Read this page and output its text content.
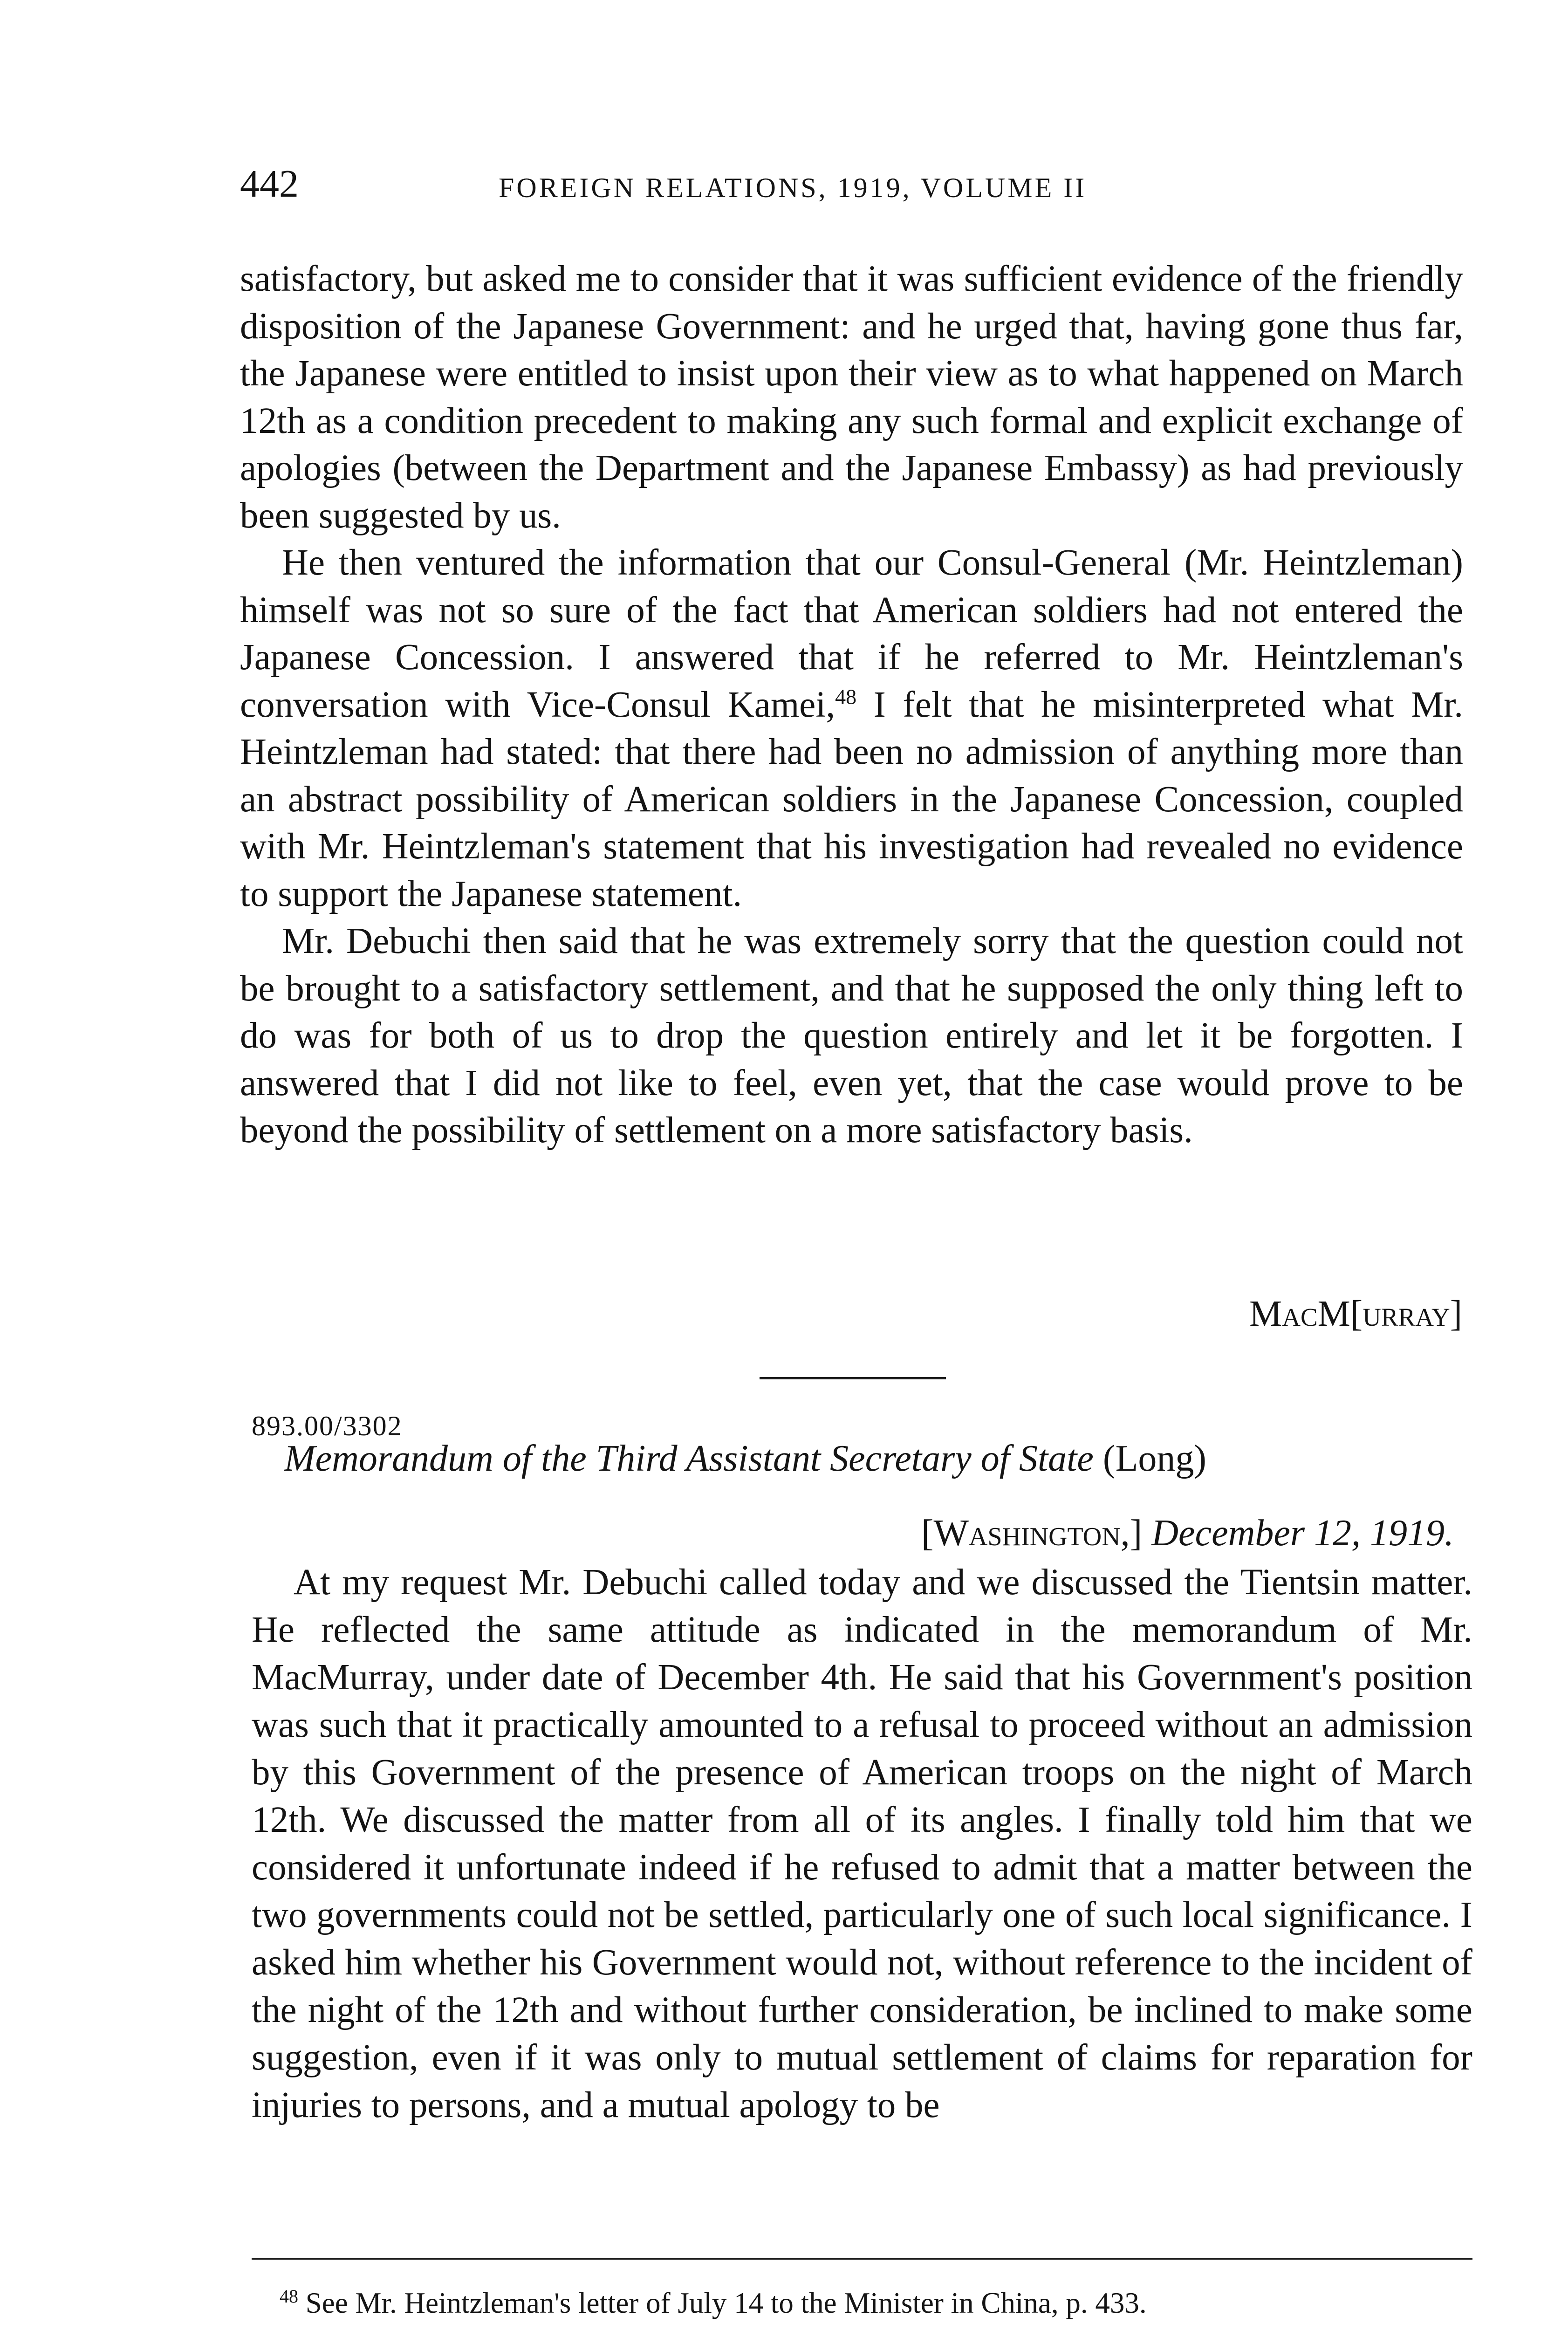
442	FOREIGN RELATIONS, 1919, VOLUME II

satisfactory, but asked me to consider that it was sufficient evidence of the friendly disposition of the Japanese Government: and he urged that, having gone thus far, the Japanese were entitled to insist upon their view as to what happened on March 12th as a condition precedent to making any such formal and explicit exchange of apologies (between the Department and the Japanese Embassy) as had previously been suggested by us.

He then ventured the information that our Consul-General (Mr. Heintzleman) himself was not so sure of the fact that American soldiers had not entered the Japanese Concession. I answered that if he referred to Mr. Heintzleman's conversation with Vice-Consul Kamei,$^{48}$ I felt that he misinterpreted what Mr. Heintzleman had stated: that there had been no admission of anything more than an abstract possibility of American soldiers in the Japanese Concession, coupled with Mr. Heintzleman's statement that his investigation had revealed no evidence to support the Japanese statement.

Mr. Debuchi then said that he was extremely sorry that the question could not be brought to a satisfactory settlement, and that he supposed the only thing left to do was for both of us to drop the question entirely and let it be forgotten. I answered that I did not like to feel, even yet, that the case would prove to be beyond the possibility of settlement on a more satisfactory basis.

MacM[urray]
893.00/3302
Memorandum of the Third Assistant Secretary of State (Long)
[Washington,] December 12, 1919.

At my request Mr. Debuchi called today and we discussed the Tientsin matter. He reflected the same attitude as indicated in the memorandum of Mr. MacMurray, under date of December 4th. He said that his Government's position was such that it practically amounted to a refusal to proceed without an admission by this Government of the presence of American troops on the night of March 12th. We discussed the matter from all of its angles. I finally told him that we considered it unfortunate indeed if he refused to admit that a matter between the two governments could not be settled, particularly one of such local significance. I asked him whether his Government would not, without reference to the incident of the night of the 12th and without further consideration, be inclined to make some suggestion, even if it was only to mutual settlement of claims for reparation for injuries to persons, and a mutual apology to be

$^{48}$ See Mr. Heintzleman's letter of July 14 to the Minister in China, p. 433.
